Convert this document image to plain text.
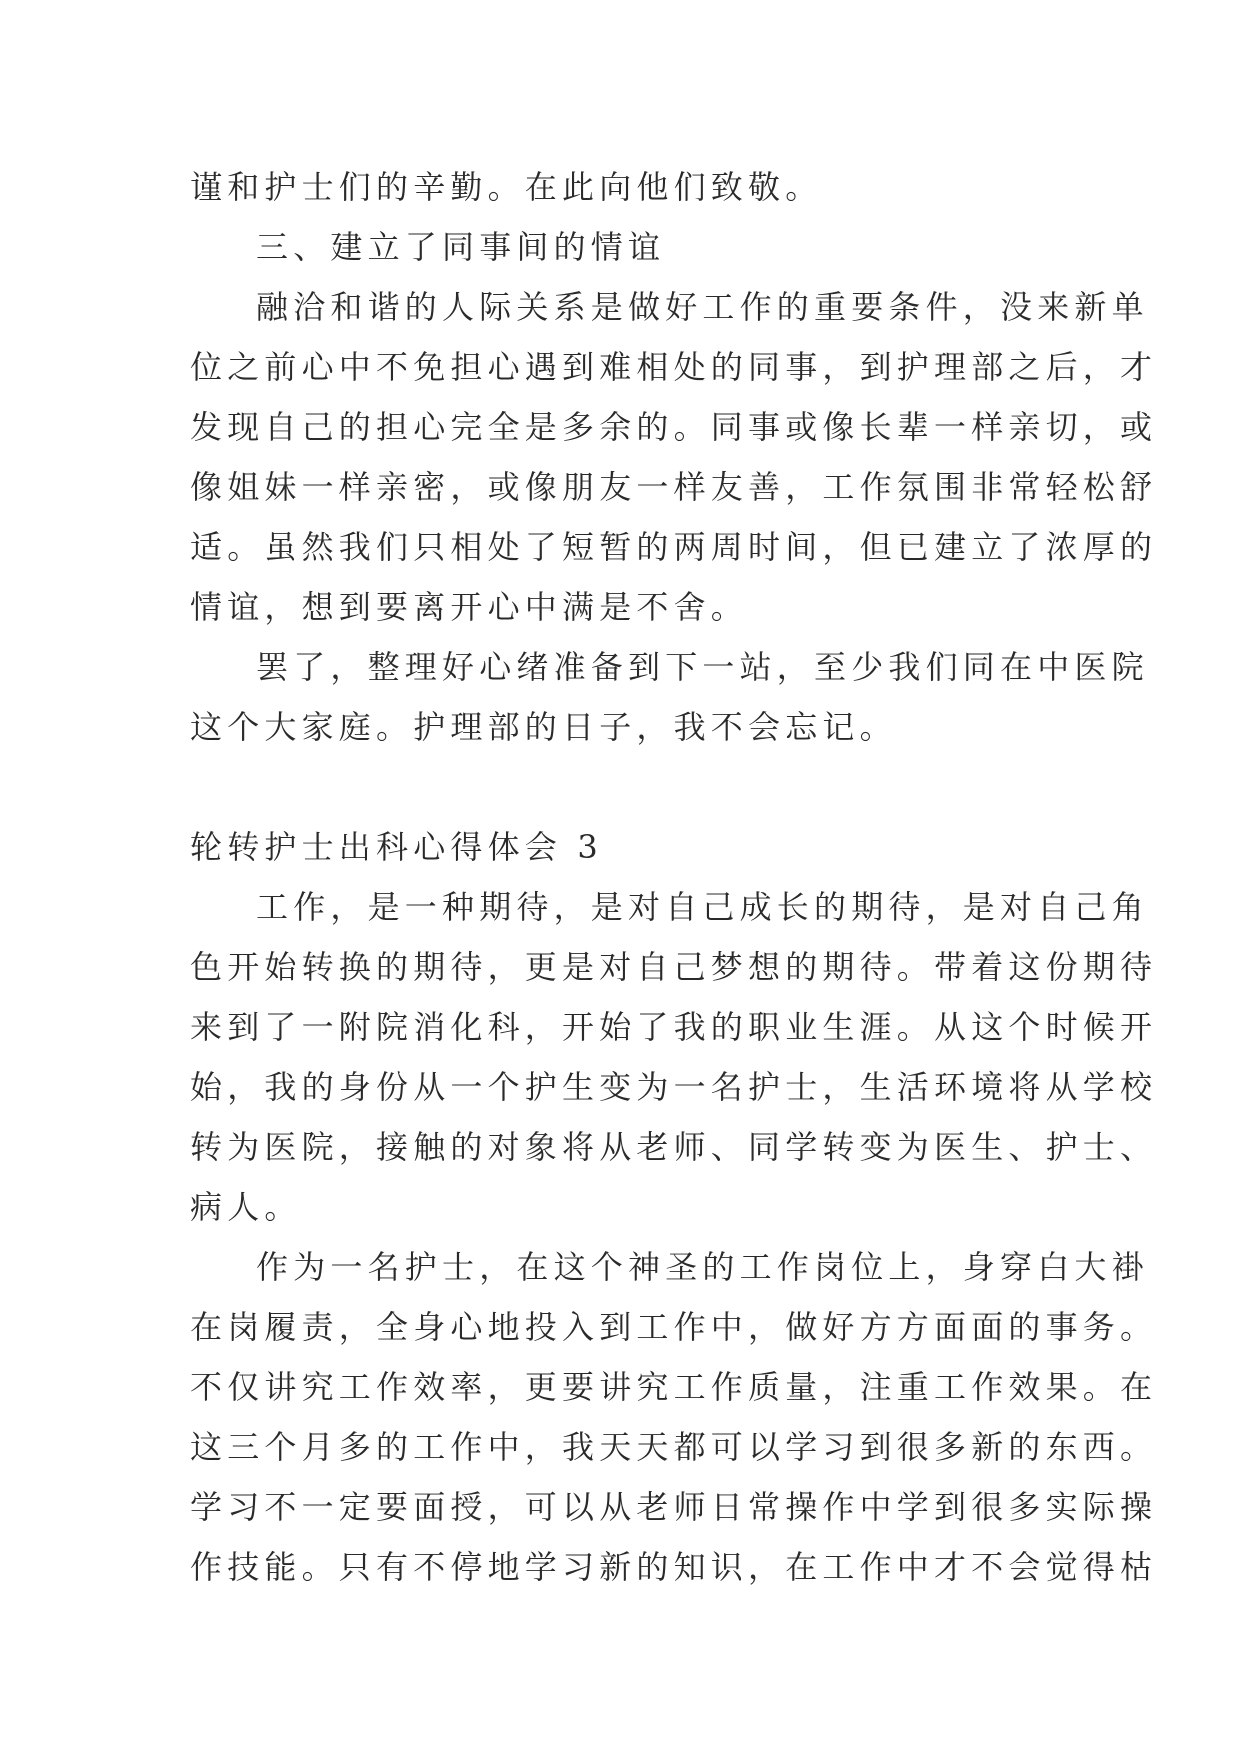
谨和护士们的辛勤。在此向他们致敬。
三、建立了同事间的情谊
融洽和谐的人际关系是做好工作的重要条件，没来新单
位之前心中不免担心遇到难相处的同事，到护理部之后，才
发现自己的担心完全是多余的。同事或像长辈一样亲切，或
像姐妹一样亲密，或像朋友一样友善，工作氛围非常轻松舒
适。虽然我们只相处了短暂的两周时间，但已建立了浓厚的
情谊，想到要离开心中满是不舍。
罢了，整理好心绪准备到下一站，至少我们同在中医院
这个大家庭。护理部的日子，我不会忘记。
轮转护士出科心得体会 3
工作，是一种期待，是对自己成长的期待，是对自己角
色开始转换的期待，更是对自己梦想的期待。带着这份期待
来到了一附院消化科，开始了我的职业生涯。从这个时候开
始，我的身份从一个护生变为一名护士，生活环境将从学校
转为医院，接触的对象将从老师、同学转变为医生、护士、
病人。
作为一名护士，在这个神圣的工作岗位上，身穿白大褂
在岗履责，全身心地投入到工作中，做好方方面面的事务。
不仅讲究工作效率，更要讲究工作质量，注重工作效果。在
这三个月多的工作中，我天天都可以学习到很多新的东西。
学习不一定要面授，可以从老师日常操作中学到很多实际操
作技能。只有不停地学习新的知识，在工作中才不会觉得枯
